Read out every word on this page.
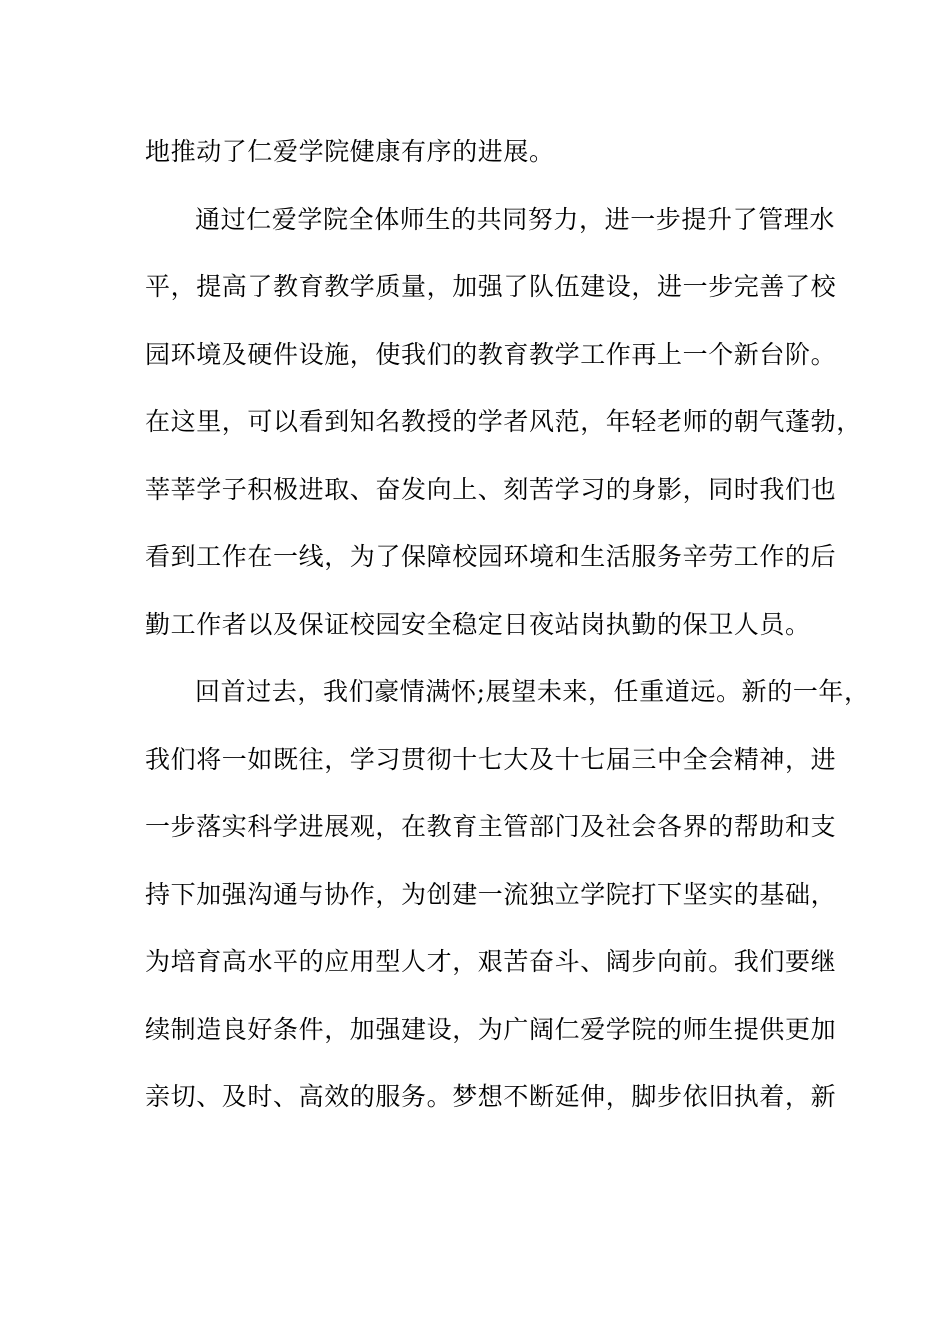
地推动了仁爱学院健康有序的进展。
通过仁爱学院全体师生的共同努力，进一步提升了管理水
平，提高了教育教学质量，加强了队伍建设，进一步完善了校
园环境及硬件设施，使我们的教育教学工作再上一个新台阶。
在这里，可以看到知名教授的学者风范，年轻老师的朝气蓬勃，
莘莘学子积极进取、奋发向上、刻苦学习的身影，同时我们也
看到工作在一线，为了保障校园环境和生活服务辛劳工作的后
勤工作者以及保证校园安全稳定日夜站岗执勤的保卫人员。
回首过去，我们豪情满怀;展望未来，任重道远。新的一年，
我们将一如既往，学习贯彻十七大及十七届三中全会精神，进
一步落实科学进展观，在教育主管部门及社会各界的帮助和支
持下加强沟通与协作，为创建一流独立学院打下坚实的基础，
为培育高水平的应用型人才，艰苦奋斗、阔步向前。我们要继
续制造良好条件，加强建设，为广阔仁爱学院的师生提供更加
亲切、及时、高效的服务。梦想不断延伸，脚步依旧执着，新
